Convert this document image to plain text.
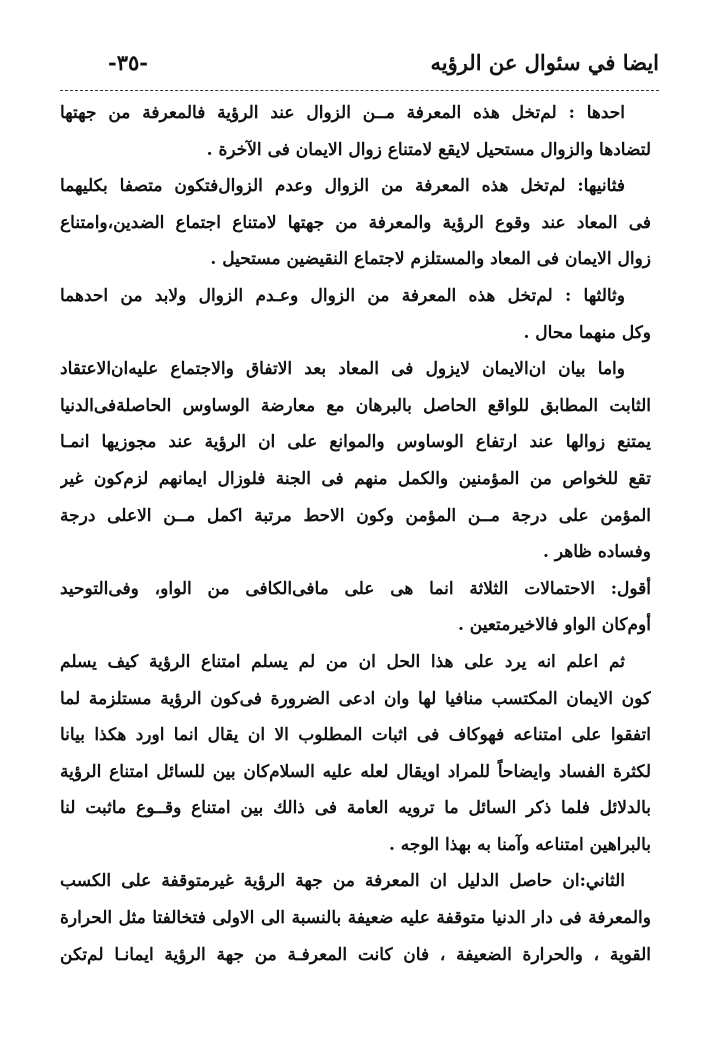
ايضا في سئوال عن الرؤيه
-٣٥-
احدها : لم‌تخل هذه المعرفة مــن الزوال عند الرؤية فالمعرفة من جهتها
لتضادها والزوال مستحيل لايقع لامتناع زوال الايمان فى الآخرة .
فثانيها: لم‌تخل هذه المعرفة من الزوال وعدم الزوال‌فتكون متصفا بكليهما
فى المعاد عند وقوع الرؤية والمعرفة من جهتها لامتناع اجتماع الضدين،وامتناع
زوال الايمان فى المعاد والمستلزم لاجتماع النقيضين مستحيل .
وثالثها : لم‌تخل هذه المعرفة من الزوال وعـدم الزوال ولابد من احدهما
وكل منهما محال .
واما بيان ان‌الايمان لايزول فى المعاد بعد الاتفاق والاجتماع عليه‌ان‌الاعتقاد
الثابت المطابق للواقع الحاصل بالبرهان مع معارضة الوساوس الحاصلةفى‌الدنيا
يمتنع زوالها عند ارتفاع الوساوس والموانع على ان الرؤية عند مجوزيها انمـا
تقع للخواص من المؤمنين والكمل منهم فى الجنة فلوزال ايمانهم لزم‌كون غير
المؤمن على درجة مــن المؤمن وكون الاحط مرتبة اكمل مــن الاعلى درجة
وفساده ظاهر .
أقول: الاحتمالات الثلاثة انما هى على مافى‌الكافى من الواو، وفى‌التوحيد
أوم‌كان الواو فالاخيرمتعين .
ثم اعلم انه يرد على هذا الحل ان من لم يسلم امتناع الرؤية كيف يسلم
كون الايمان المكتسب منافيا لها وان ادعى الضرورة فى‌كون الرؤية مستلزمة لما
اتفقوا على امتناعه فهوكاف فى اثبات المطلوب الا ان يقال انما اورد هكذا بيانا
لكثرة الفساد وايضاحاً للمراد اويقال لعله عليه السلام‌كان بين للسائل امتناع الرؤية
بالدلائل فلما ذكر السائل ما ترويه العامة فى ذالك بين امتناع وقــوع ماثبت لنا
بالبراهين امتناعه وآمنا به بهذا الوجه .
الثاني:ان حاصل الدليل ان المعرفة من جهة الرؤية غيرمتوقفة على الكسب
والمعرفة فى دار الدنيا متوقفة عليه ضعيفة بالنسبة الى الاولى فتخالفتا مثل الحرارة
القوية ، والحرارة الضعيفة ، فان كانت المعرفـة من جهة الرؤية ايمانـا لم‌تكن
